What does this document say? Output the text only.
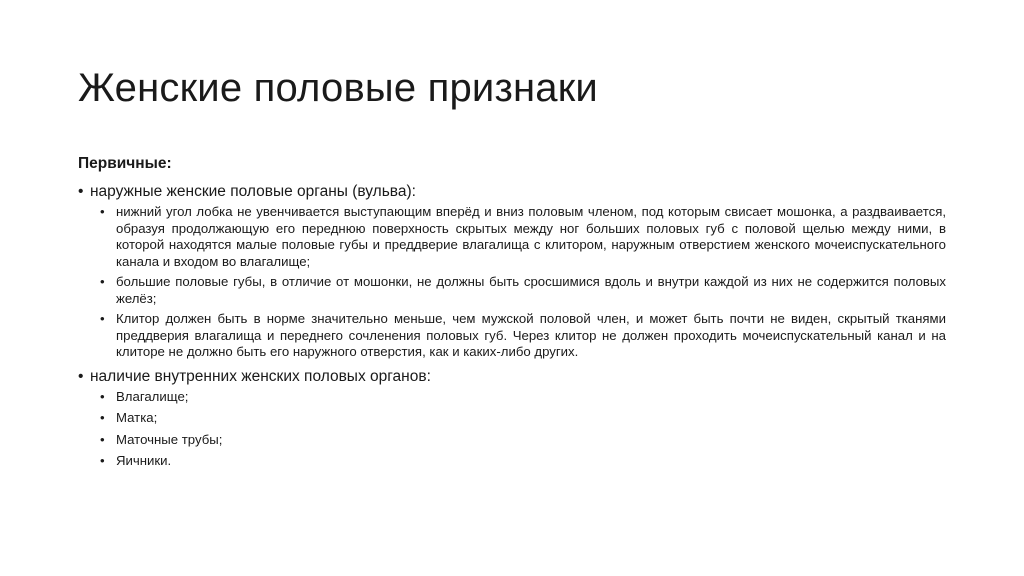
Женские половые признаки
Первичные:
• наружные женские половые органы (вульва):
• нижний угол лобка не увенчивается выступающим вперёд и вниз половым членом, под которым свисает мошонка, а раздваивается, образуя продолжающую его переднюю поверхность скрытых между ног больших половых губ с половой щелью между ними, в которой находятся малые половые губы и преддверие влагалища с клитором, наружным отверстием женского мочеиспускательного канала и входом во влагалище;
• большие половые губы, в отличие от мошонки, не должны быть сросшимися вдоль и внутри каждой из них не содержится половых желёз;
• Клитор должен быть в норме значительно меньше, чем мужской половой член, и может быть почти не виден, скрытый тканями преддверия влагалища и переднего сочленения половых губ. Через клитор не должен проходить мочеиспускательный канал и на клиторе не должно быть его наружного отверстия, как и каких-либо других.
• наличие внутренних женских половых органов:
• Влагалище;
• Матка;
• Маточные трубы;
• Яичники.
